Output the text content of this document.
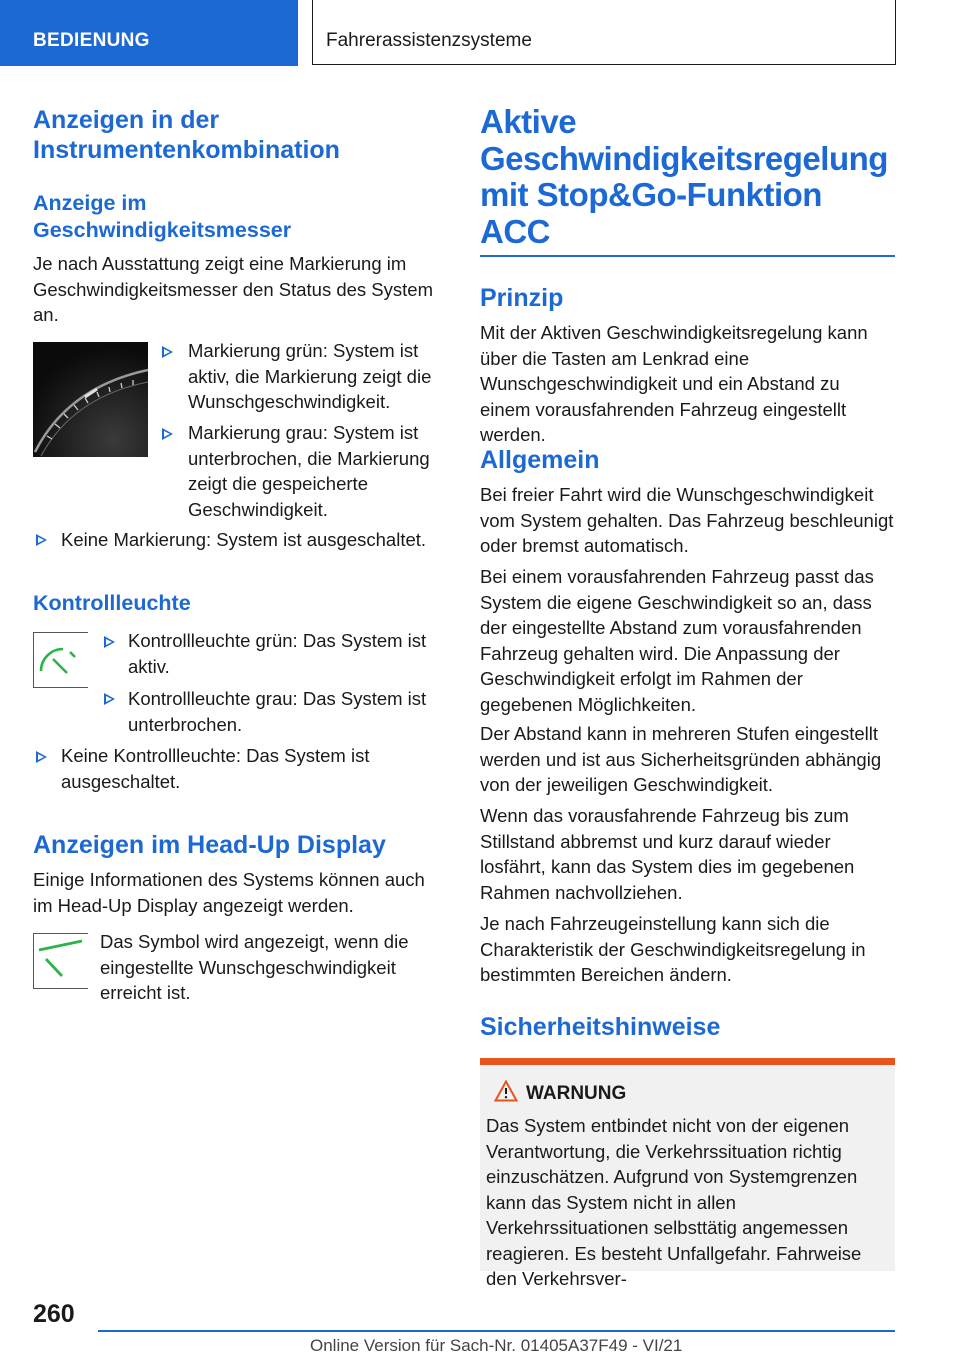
BEDIENUNG	Fahrerassistenzsysteme
Anzeigen in der Instrumentenkombination
Anzeige im Geschwindigkeitsmesser

Je nach Ausstattung zeigt eine Markierung im Geschwindigkeitsmesser den Status des System an.

Markierung grün: System ist aktiv, die Markierung zeigt die Wunschgeschwindigkeit.

Markierung grau: System ist unterbrochen, die Markierung zeigt die gespeicherte Geschwindigkeit.

Keine Markierung: System ist ausgeschaltet.

Kontrollleuchte

Kontrollleuchte grün: Das System ist aktiv.

Kontrollleuchte grau: Das System ist unterbrochen.

Keine Kontrollleuchte: Das System ist ausgeschaltet.

Anzeigen im Head-Up Display

Einige Informationen des Systems können auch im Head-Up Display angezeigt werden.

Das Symbol wird angezeigt, wenn die eingestellte Wunschgeschwindigkeit erreicht ist.

Aktive Geschwindigkeitsregelung mit Stop&Go-Funktion ACC
Prinzip

Mit der Aktiven Geschwindigkeitsregelung kann über die Tasten am Lenkrad eine Wunschgeschwindigkeit und ein Abstand zu einem vorausfahrenden Fahrzeug eingestellt werden.

Allgemein

Bei freier Fahrt wird die Wunschgeschwindigkeit vom System gehalten. Das Fahrzeug beschleunigt oder bremst automatisch.

Bei einem vorausfahrenden Fahrzeug passt das System die eigene Geschwindigkeit so an, dass der eingestellte Abstand zum vorausfahrenden Fahrzeug gehalten wird. Die Anpassung der Geschwindigkeit erfolgt im Rahmen der gegebenen Möglichkeiten.

Der Abstand kann in mehreren Stufen eingestellt werden und ist aus Sicherheitsgründen abhängig von der jeweiligen Geschwindigkeit.

Wenn das vorausfahrende Fahrzeug bis zum Stillstand abbremst und kurz darauf wieder losfährt, kann das System dies im gegebenen Rahmen nachvollziehen.

Je nach Fahrzeugeinstellung kann sich die Charakteristik der Geschwindigkeitsregelung in bestimmten Bereichen ändern.

Sicherheitshinweise
WARNUNG

Das System entbindet nicht von der eigenen Verantwortung, die Verkehrssituation richtig einzuschätzen. Aufgrund von Systemgrenzen kann das System nicht in allen Verkehrssituationen selbsttätig angemessen reagieren. Es besteht Unfallgefahr. Fahrweise den Verkehrsver-

260
Online Version für Sach-Nr. 01405A37F49 - VI/21
